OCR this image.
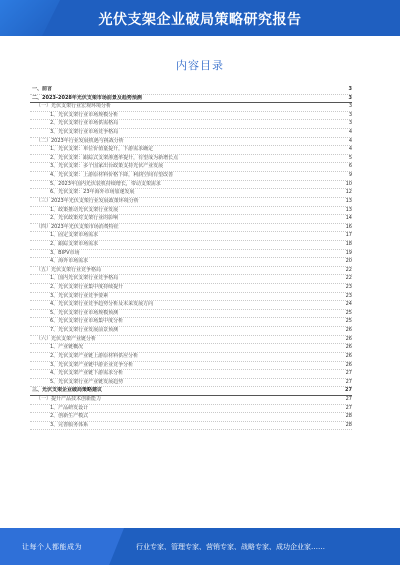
光伏支架企业破局策略研究报告
内容目录
一、前言	3
二、2023-2028年光伏支架市场前景及趋势预测	3
（一）光伏支架行业宏观环境分析	3
1、光伏支架行业市场规模分析	3
2、光伏支架行业市场供需格局	3
3、光伏支架行业市场竞争格局	4
（二）2023年行业发展机遇与挑战分析	4
1、光伏支架：单位价值量提升，下游需求确定	4
2、光伏支架：跟踪式支架渗透率提升，有望成为新增长点	5
3、光伏支架：多个国家出台政策支持光伏产业发展	6
4、光伏支架：上游原材料价格下降，利润空间有望改善	9
5、2023年国内光伏装机持续增长，带动支架需求	10
6、光伏支架：23年海外市场加速发展	12
（三）2023年光伏支架行业发展政策环境分析	13
1、政策推动光伏支架行业发展	13
2、光伏政策对支架行业的影响	14
（四）2023年光伏支架市场消费特征	16
1、固定支架市场需求	17
2、跟踪支架市场需求	18
3、BIPV市场	19
4、海外市场需求	20
（五）光伏支架行业竞争格局	22
1、国内光伏支架行业竞争格局	22
2、光伏支架行业集中度持续提升	23
3、光伏支架行业竞争要素	23
4、光伏支架行业竞争趋势分析及未来发展方向	24
5、光伏支架行业市场规模预测	25
6、光伏支架行业市场集中度分析	25
7、光伏支架行业发展前景预测	26
（六）光伏支架产业链分析	26
1、产业链概况	26
2、光伏支架产业链上游原材料供应分析	26
3、光伏支架产业链中游企业竞争分析	26
4、光伏支架产业链下游需求分析	27
5、光伏支架行业产业链发展趋势	27
三、光伏支架企业破局策略建议	27
（一）提升产品技术创新能力	27
1、产品研发设计	27
2、创新生产模式	28
3、完善服务体系	28
让每个人都能成为	行业专家、管理专家、营销专家、战略专家、成功企业家……
